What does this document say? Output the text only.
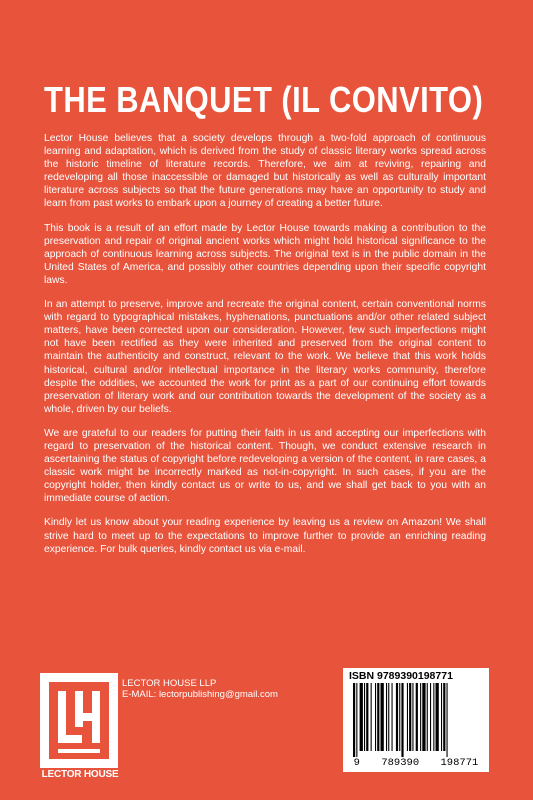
THE BANQUET (IL CONVITO)

Lector House believes that a society develops through a two-fold approach of continuous learning and adaptation, which is derived from the study of classic literary works spread across the historic timeline of literature records. Therefore, we aim at reviving, repairing and redeveloping all those inaccessible or damaged but historically as well as culturally important literature across subjects so that the future generations may have an opportunity to study and learn from past works to embark upon a journey of creating a better future.

This book is a result of an effort made by Lector House towards making a contribution to the preservation and repair of original ancient works which might hold historical significance to the approach of continuous learning across subjects. The original text is in the public domain in the United States of America, and possibly other countries depending upon their specific copyright laws.

In an attempt to preserve, improve and recreate the original content, certain conventional norms with regard to typographical mistakes, hyphenations, punctuations and/or other related subject matters, have been corrected upon our consideration. However, few such imperfections might not have been rectified as they were inherited and preserved from the original content to maintain the authenticity and construct, relevant to the work. We believe that this work holds historical, cultural and/or intellectual importance in the literary works community, therefore despite the oddities, we accounted the work for print as a part of our continuing effort towards preservation of literary work and our contribution towards the development of the society as a whole, driven by our beliefs.

We are grateful to our readers for putting their faith in us and accepting our imperfections with regard to preservation of the historical content. Though, we conduct extensive research in ascertaining the status of copyright before redeveloping a version of the content, in rare cases, a classic work might be incorrectly marked as not-in-copyright. In such cases, if you are the copyright holder, then kindly contact us or write to us, and we shall get back to you with an immediate course of action.

Kindly let us know about your reading experience by leaving us a review on Amazon! We shall strive hard to meet up to the expectations to improve further to provide an enriching reading experience. For bulk queries, kindly contact us via e-mail.

LECTOR HOUSE
LECTOR HOUSE LLP
E-MAIL: lectorpublishing@gmail.com
ISBN 9789390198771
9 789390 198771
